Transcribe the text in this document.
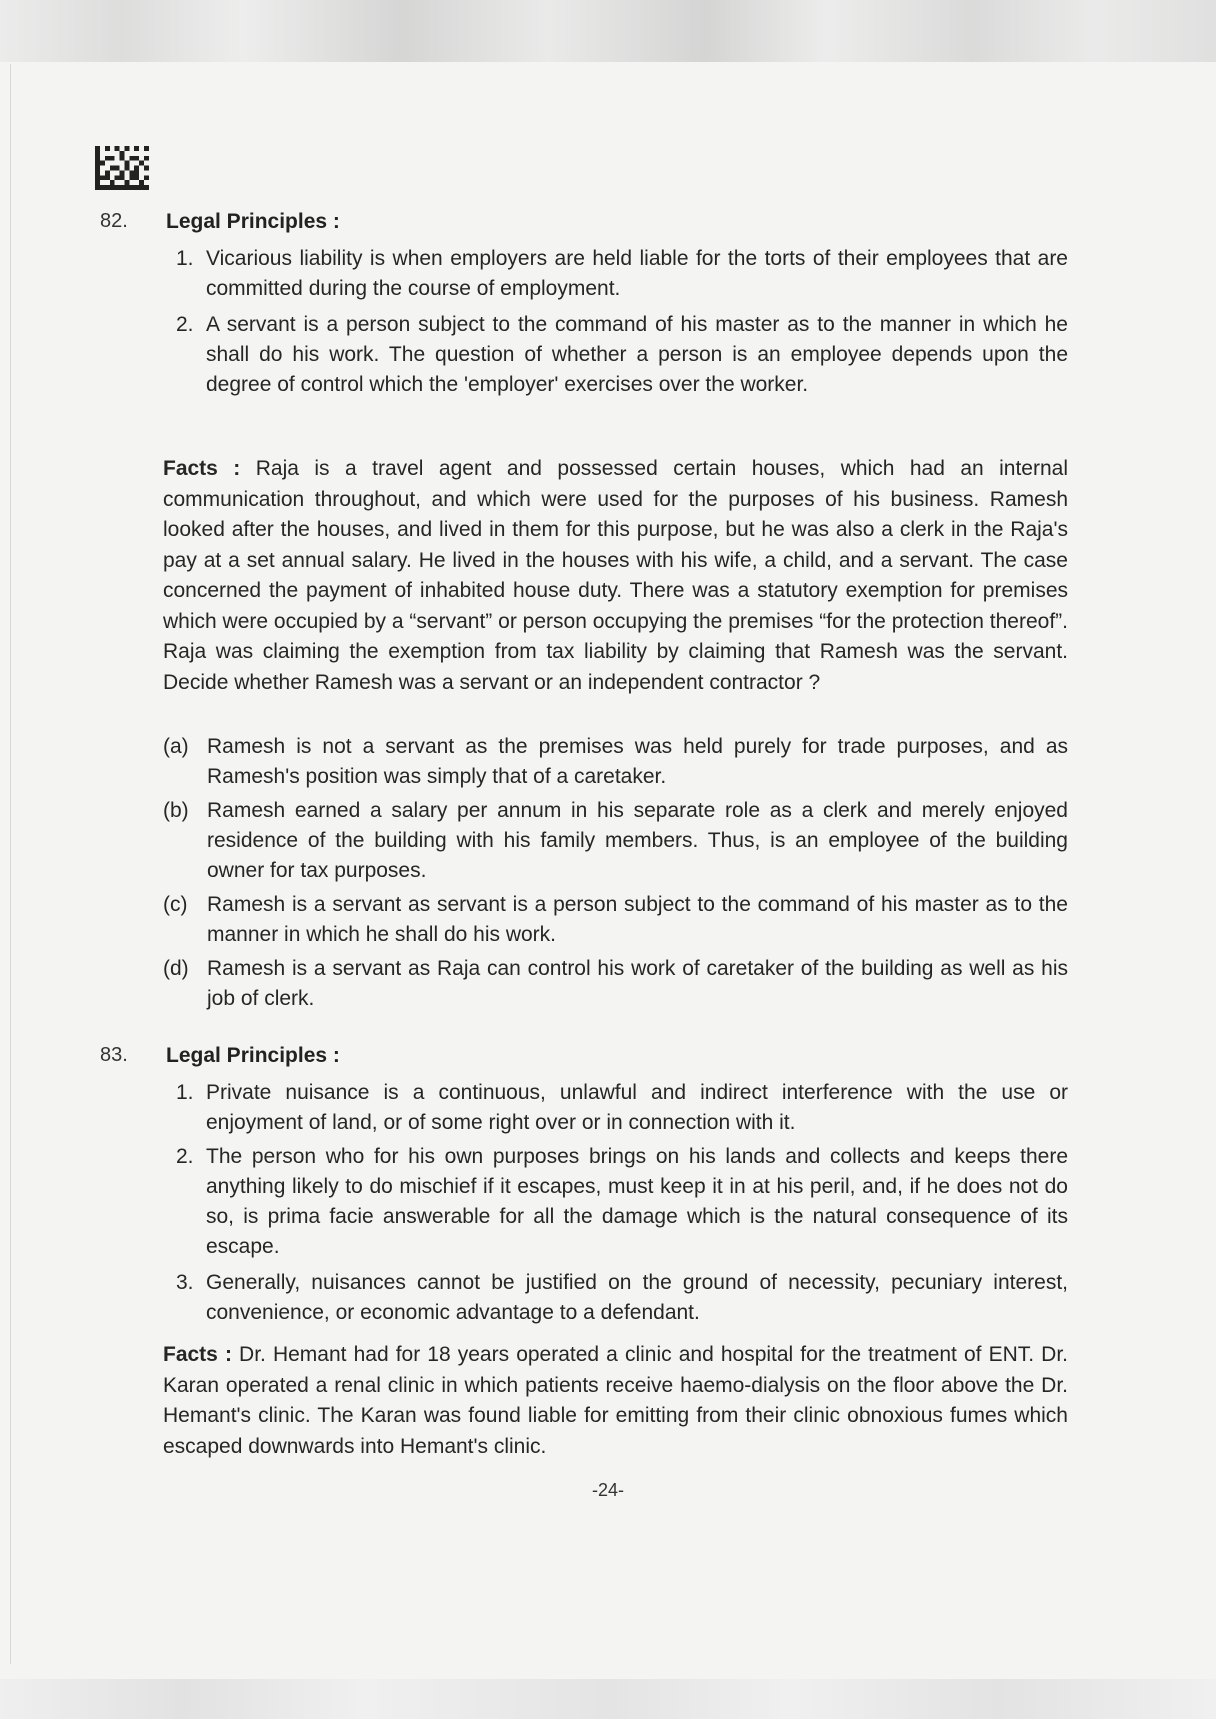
82. Legal Principles :
1. Vicarious liability is when employers are held liable for the torts of their employees that are committed during the course of employment.
2. A servant is a person subject to the command of his master as to the manner in which he shall do his work. The question of whether a person is an employee depends upon the degree of control which the 'employer' exercises over the worker.
Facts : Raja is a travel agent and possessed certain houses, which had an internal communication throughout, and which were used for the purposes of his business. Ramesh looked after the houses, and lived in them for this purpose, but he was also a clerk in the Raja's pay at a set annual salary. He lived in the houses with his wife, a child, and a servant. The case concerned the payment of inhabited house duty. There was a statutory exemption for premises which were occupied by a “servant” or person occupying the premises “for the protection thereof”. Raja was claiming the exemption from tax liability by claiming that Ramesh was the servant. Decide whether Ramesh was a servant or an independent contractor ?
(a) Ramesh is not a servant as the premises was held purely for trade purposes, and as Ramesh's position was simply that of a caretaker.
(b) Ramesh earned a salary per annum in his separate role as a clerk and merely enjoyed residence of the building with his family members. Thus, is an employee of the building owner for tax purposes.
(c) Ramesh is a servant as servant is a person subject to the command of his master as to the manner in which he shall do his work.
(d) Ramesh is a servant as Raja can control his work of caretaker of the building as well as his job of clerk.
83. Legal Principles :
1. Private nuisance is a continuous, unlawful and indirect interference with the use or enjoyment of land, or of some right over or in connection with it.
2. The person who for his own purposes brings on his lands and collects and keeps there anything likely to do mischief if it escapes, must keep it in at his peril, and, if he does not do so, is prima facie answerable for all the damage which is the natural consequence of its escape.
3. Generally, nuisances cannot be justified on the ground of necessity, pecuniary interest, convenience, or economic advantage to a defendant.
Facts : Dr. Hemant had for 18 years operated a clinic and hospital for the treatment of ENT. Dr. Karan operated a renal clinic in which patients receive haemo-dialysis on the floor above the Dr. Hemant's clinic. The Karan was found liable for emitting from their clinic obnoxious fumes which escaped downwards into Hemant's clinic.
-24-
